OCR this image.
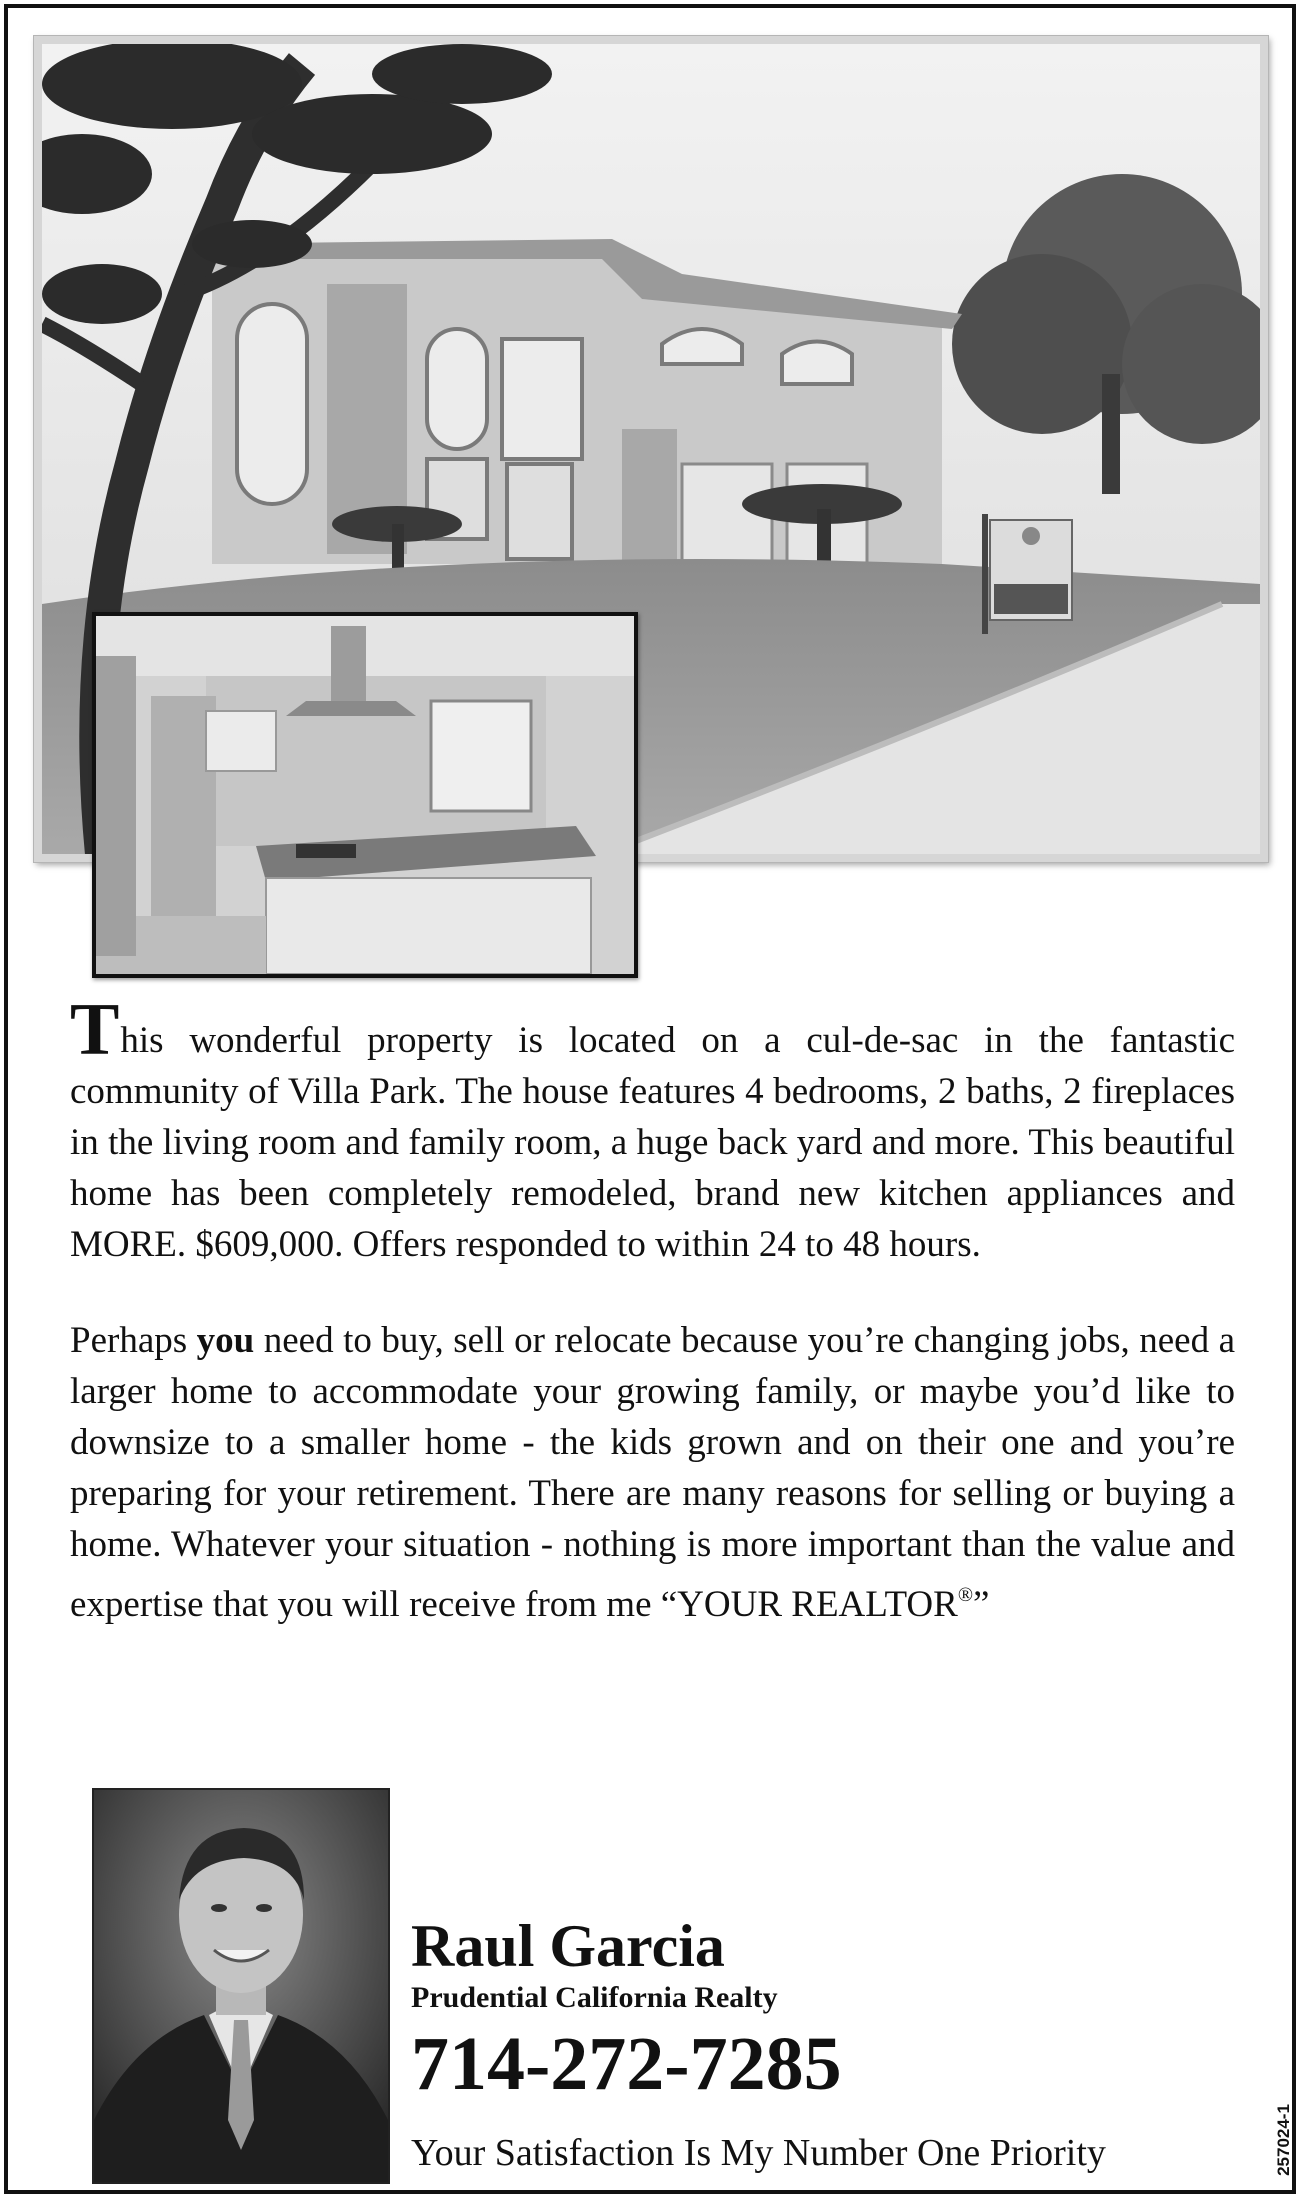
This wonderful property is located on a cul-de-sac in the fantastic community of Villa Park. The house features 4 bedrooms, 2 baths, 2 fireplaces in the living room and family room, a huge back yard and more. This beautiful home has been completely remodeled, brand new kitchen appliances and MORE. $609,000. Offers responded to within 24 to 48 hours.

Perhaps you need to buy, sell or relocate because you’re changing jobs, need a larger home to accommodate your growing family, or maybe you’d like to downsize to a smaller home - the kids grown and on their one and you’re preparing for your retirement. There are many reasons for selling or buying a home. Whatever your situation - nothing is more important than the value and expertise that you will receive from me “YOUR REALTOR®”

Raul Garcia
Prudential California Realty
714-272-7285
Your Satisfaction Is My Number One Priority	257024-1
